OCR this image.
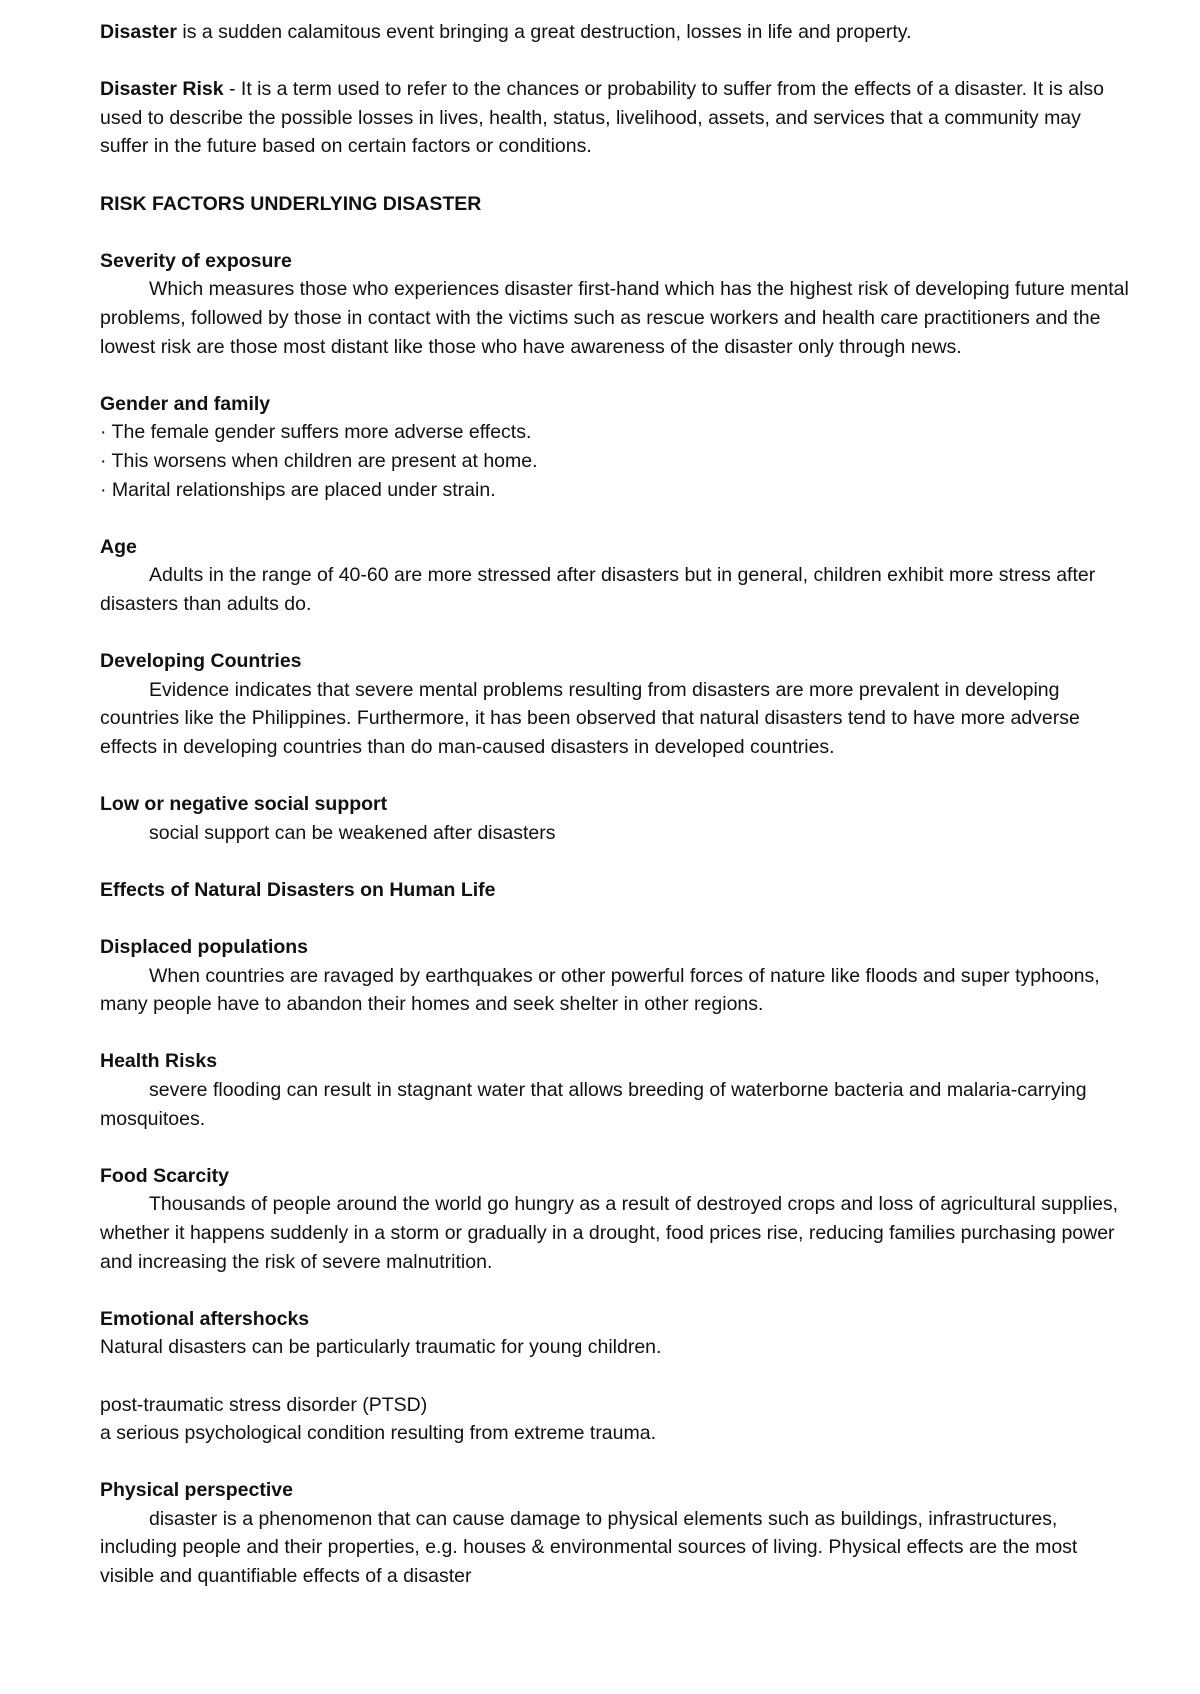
Disaster is a sudden calamitous event bringing a great destruction, losses in life and property.

Disaster Risk - It is a term used to refer to the chances or probability to suffer from the effects of a disaster. It is also used to describe the possible losses in lives, health, status, livelihood, assets, and services that a community may suffer in the future based on certain factors or conditions.

RISK FACTORS UNDERLYING DISASTER

Severity of exposure

Which measures those who experiences disaster first-hand which has the highest risk of developing future mental problems, followed by those in contact with the victims such as rescue workers and health care practitioners and the lowest risk are those most distant like those who have awareness of the disaster only through news.

Gender and family

· The female gender suffers more adverse effects.

· This worsens when children are present at home.

· Marital relationships are placed under strain.

Age

Adults in the range of 40-60 are more stressed after disasters but in general, children exhibit more stress after disasters than adults do.

Developing Countries

Evidence indicates that severe mental problems resulting from disasters are more prevalent in developing countries like the Philippines. Furthermore, it has been observed that natural disasters tend to have more adverse effects in developing countries than do man-caused disasters in developed countries.

Low or negative social support

social support can be weakened after disasters

Effects of Natural Disasters on Human Life

Displaced populations

When countries are ravaged by earthquakes or other powerful forces of nature like floods and super typhoons, many people have to abandon their homes and seek shelter in other regions.

Health Risks

severe flooding can result in stagnant water that allows breeding of waterborne bacteria and malaria-carrying mosquitoes.

Food Scarcity

Thousands of people around the world go hungry as a result of destroyed crops and loss of agricultural supplies, whether it happens suddenly in a storm or gradually in a drought, food prices rise, reducing families purchasing power and increasing the risk of severe malnutrition.

Emotional aftershocks

Natural disasters can be particularly traumatic for young children.

post-traumatic stress disorder (PTSD)

a serious psychological condition resulting from extreme trauma.

Physical perspective

disaster is a phenomenon that can cause damage to physical elements such as buildings, infrastructures, including people and their properties, e.g. houses & environmental sources of living. Physical effects are the most visible and quantifiable effects of a disaster
